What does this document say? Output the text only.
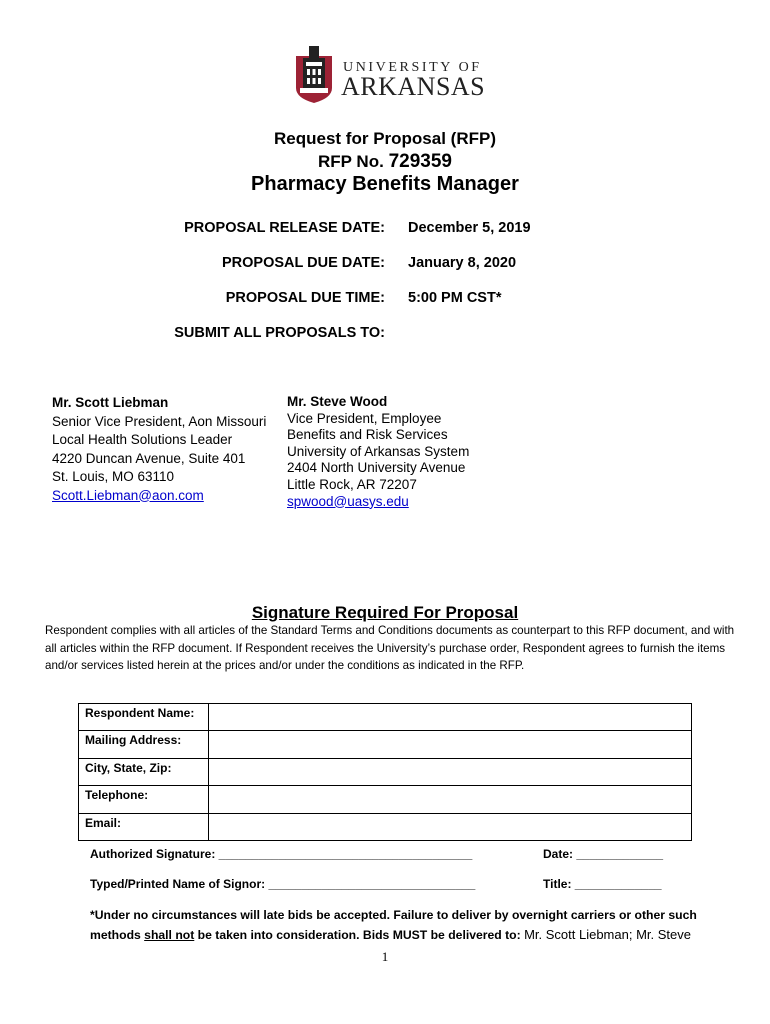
UNIVERSITY OF
ARKANSAS
Request for Proposal (RFP)
RFP No. 729359
Pharmacy Benefits Manager
PROPOSAL RELEASE DATE: December 5, 2019
PROPOSAL DUE DATE: January 8, 2020
PROPOSAL DUE TIME: 5:00 PM CST*
SUBMIT ALL PROPOSALS TO:
Mr. Scott Liebman
Senior Vice President, Aon Missouri
Local Health Solutions Leader
4220 Duncan Avenue, Suite 401
St. Louis, MO 63110
Scott.Liebman@aon.com
Mr. Steve Wood
Vice President, Employee
Benefits and Risk Services
University of Arkansas System
2404 North University Avenue
Little Rock, AR 72207
spwood@uasys.edu
Signature Required For Proposal
Respondent complies with all articles of the Standard Terms and Conditions documents as counterpart to this RFP document, and with all articles within the RFP document. If Respondent receives the University’s purchase order, Respondent agrees to furnish the items and/or services listed herein at the prices and/or under the conditions as indicated in the RFP.
Respondent Name:	
Mailing Address:	
City, State, Zip:	
Telephone:	
Email:	
Authorized Signature: ______________________________________	Date: _____________
Typed/Printed Name of Signor: _______________________________	Title: _____________
*Under no circumstances will late bids be accepted. Failure to deliver by overnight carriers or other such methods shall not be taken into consideration. Bids MUST be delivered to: Mr. Scott Liebman; Mr. Steve
1
